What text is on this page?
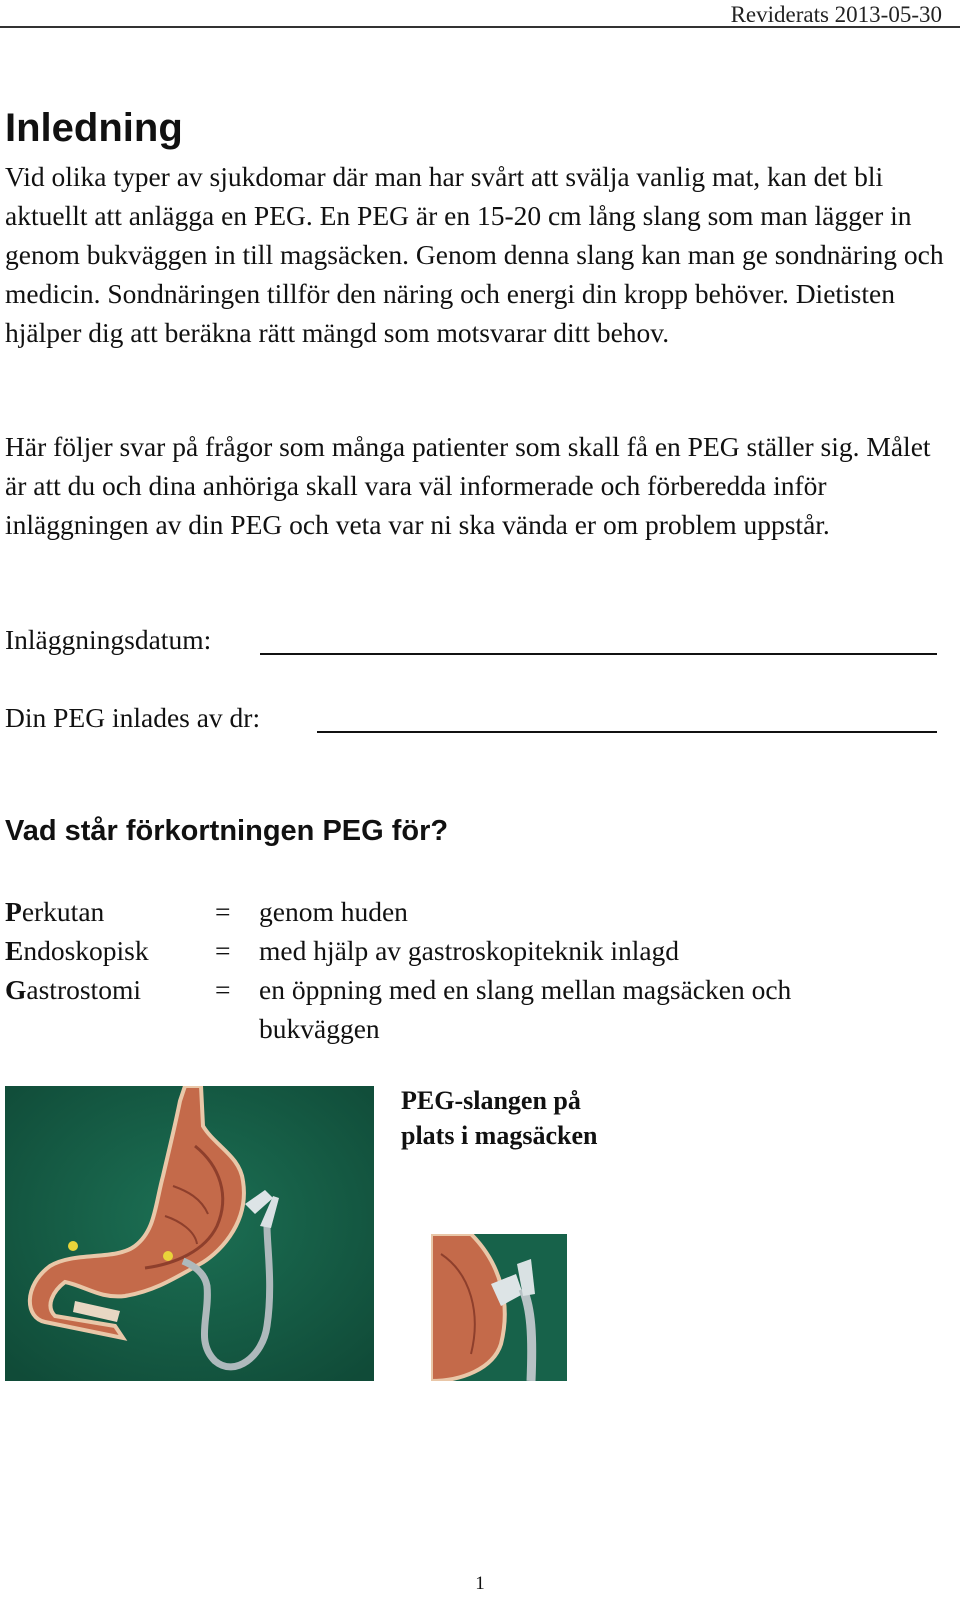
Reviderats 2013-05-30
Inledning

Vid olika typer av sjukdomar där man har svårt att svälja vanlig mat, kan det bli aktuellt att anlägga en PEG. En PEG är en 15-20 cm lång slang som man lägger in genom bukväggen in till magsäcken. Genom denna slang kan man ge sondnäring och medicin. Sondnäringen tillför den näring och energi din kropp behöver. Dietisten hjälper dig att beräkna rätt mängd som motsvarar ditt behov.

Här följer svar på frågor som många patienter som skall få en PEG ställer sig. Målet är att du och dina anhöriga skall vara väl informerade och förberedda inför inläggningen av din PEG och veta var ni ska vända er om problem uppstår.

Inläggningsdatum:
Din PEG inlades av dr:
Vad står förkortningen PEG för?
Perkutan	= genom huden
Endoskopisk = med hjälp av gastroskopiteknik inlagd
Gastrostomi	= en öppning med en slang mellan magsäcken och bukväggen
PEG-slangen på
plats i magsäcken
1
